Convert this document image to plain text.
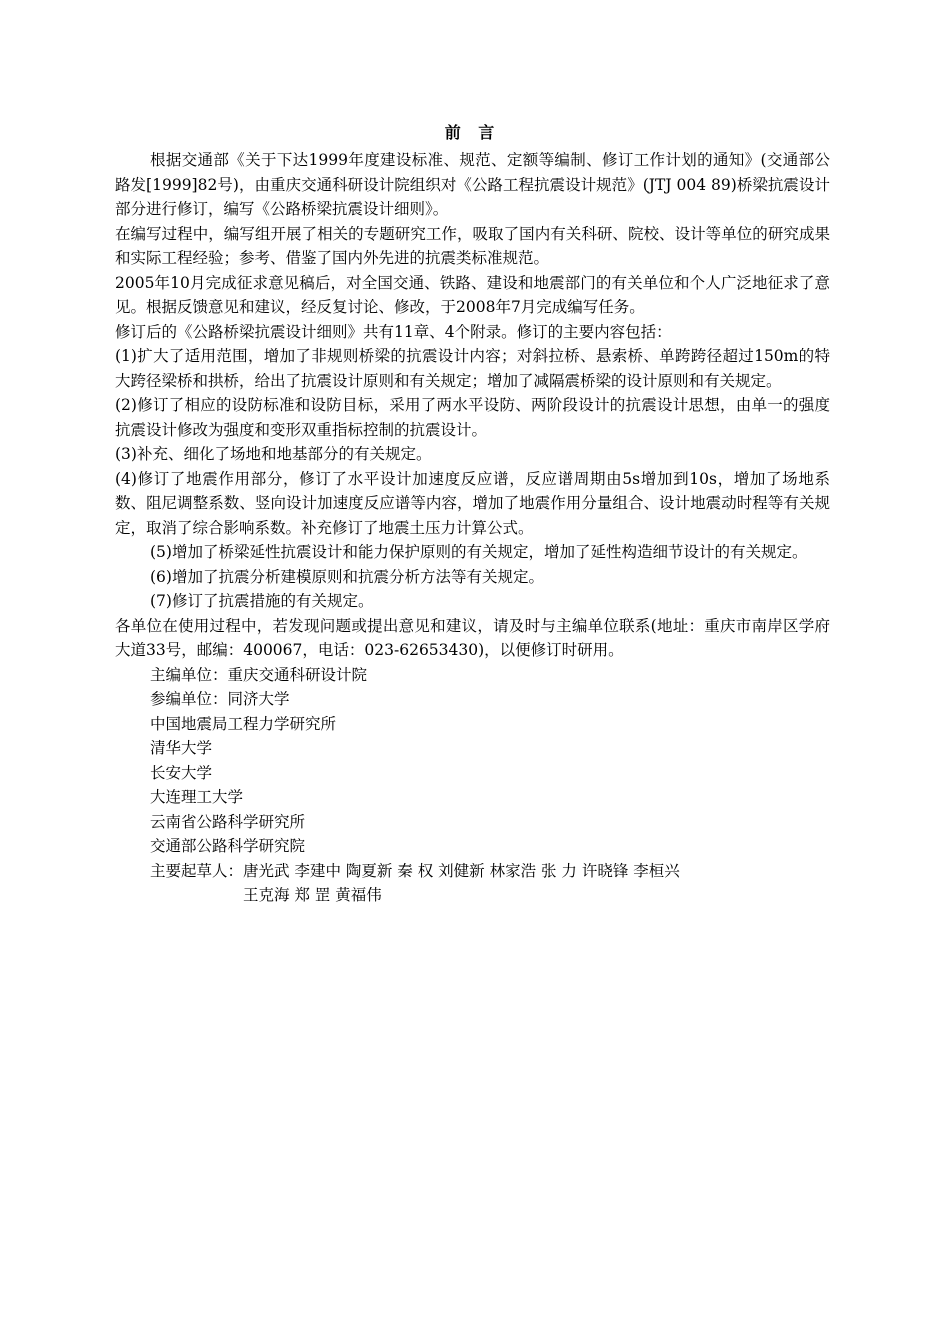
前 言

根据交通部《关于下达1999年度建设标准、规范、定额等编制、修订工作计划的通知》(交通部公路发[1999]82号)，由重庆交通科研设计院组织对《公路工程抗震设计规范》(JTJ 004 89)桥梁抗震设计部分进行修订，编写《公路桥梁抗震设计细则》。

在编写过程中，编写组开展了相关的专题研究工作，吸取了国内有关科研、院校、设计等单位的研究成果和实际工程经验；参考、借鉴了国内外先进的抗震类标准规范。

2005年10月完成征求意见稿后，对全国交通、铁路、建设和地震部门的有关单位和个人广泛地征求了意见。根据反馈意见和建议，经反复讨论、修改，于2008年7月完成编写任务。

修订后的《公路桥梁抗震设计细则》共有11章、4个附录。修订的主要内容包括：

(1)扩大了适用范围，增加了非规则桥梁的抗震设计内容；对斜拉桥、悬索桥、单跨跨径超过150m的特大跨径梁桥和拱桥，给出了抗震设计原则和有关规定；增加了减隔震桥梁的设计原则和有关规定。

(2)修订了相应的设防标准和设防目标，采用了两水平设防、两阶段设计的抗震设计思想，由单一的强度抗震设计修改为强度和变形双重指标控制的抗震设计。

(3)补充、细化了场地和地基部分的有关规定。

(4)修订了地震作用部分，修订了水平设计加速度反应谱，反应谱周期由5s增加到10s，增加了场地系数、阻尼调整系数、竖向设计加速度反应谱等内容，增加了地震作用分量组合、设计地震动时程等有关规定，取消了综合影响系数。补充修订了地震土压力计算公式。

(5)增加了桥梁延性抗震设计和能力保护原则的有关规定，增加了延性构造细节设计的有关规定。

(6)增加了抗震分析建模原则和抗震分析方法等有关规定。

(7)修订了抗震措施的有关规定。

各单位在使用过程中，若发现问题或提出意见和建议，请及时与主编单位联系(地址：重庆市南岸区学府大道33号，邮编：400067，电话：023-62653430)，以便修订时研用。

主编单位：重庆交通科研设计院
参编单位：同济大学
中国地震局工程力学研究所
清华大学
长安大学
大连理工大学
云南省公路科学研究所
交通部公路科学研究院
主要起草人： 唐光武 李建中 陶夏新 秦 权 刘健新 林家浩 张 力 许晓锋 李桓兴
王克海 郑 罡 黄福伟
